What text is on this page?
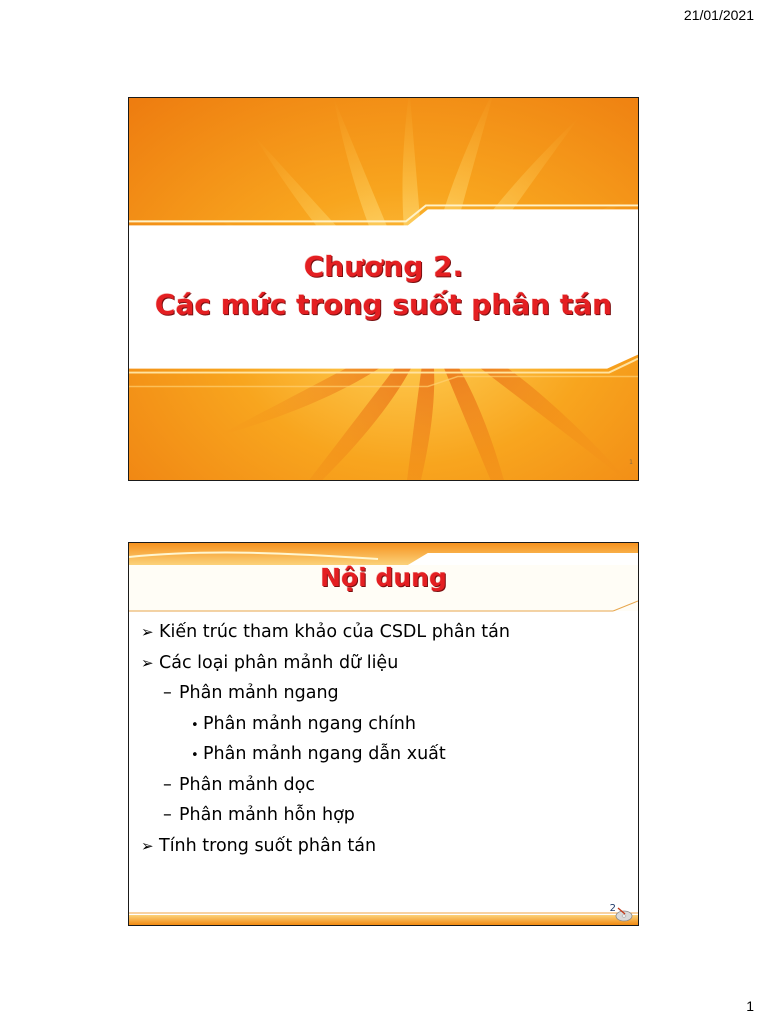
21/01/2021
Chương 2.
Các mức trong suốt phân tán
1
Nội dung
➢ Kiến trúc tham khảo của CSDL phân tán
➢ Các loại phân mảnh dữ liệu
– Phân mảnh ngang
• Phân mảnh ngang chính
• Phân mảnh ngang dẫn xuất
– Phân mảnh dọc
– Phân mảnh hỗn hợp
➢ Tính trong suốt phân tán
2
1
